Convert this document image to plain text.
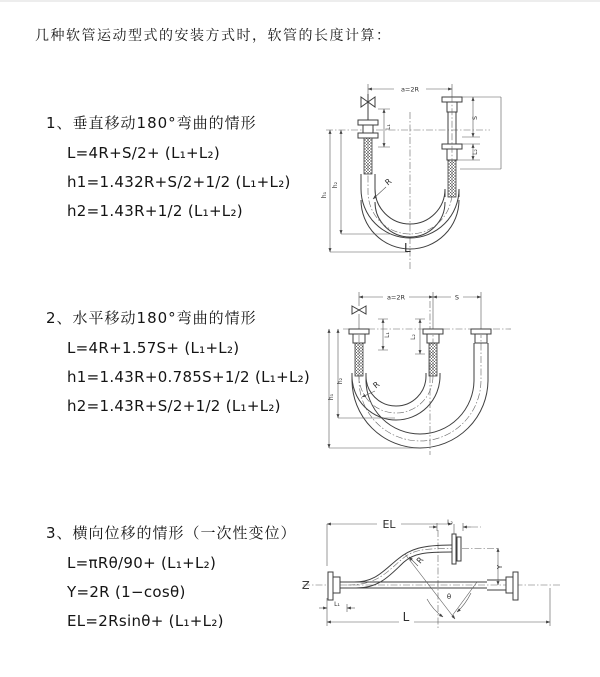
几种软管运动型式的安装方式时，软管的长度计算：
1、垂直移动180°弯曲的情形
L=4R+S/2+ (L₁+L₂)
h1=1.432R+S/2+1/2 (L₁+L₂)
h2=1.43R+1/2 (L₁+L₂)
2、水平移动180°弯曲的情形
L=4R+1.57S+ (L₁+L₂)
h1=1.43R+0.785S+1/2 (L₁+L₂)
h2=1.43R+S/2+1/2 (L₁+L₂)
3、横向位移的情形（一次性变位）
L=πRθ/90+ (L₁+L₂)
Y=2R (1−cosθ)
EL=2Rsinθ+ (L₁+L₂)
a=2R
h₁
h₂
L₁
S
L₂
R
L
a=2R	S
h₁
h₂
L₁	L₂
R
EL	L₂
Y
θ
R
L₁
L
